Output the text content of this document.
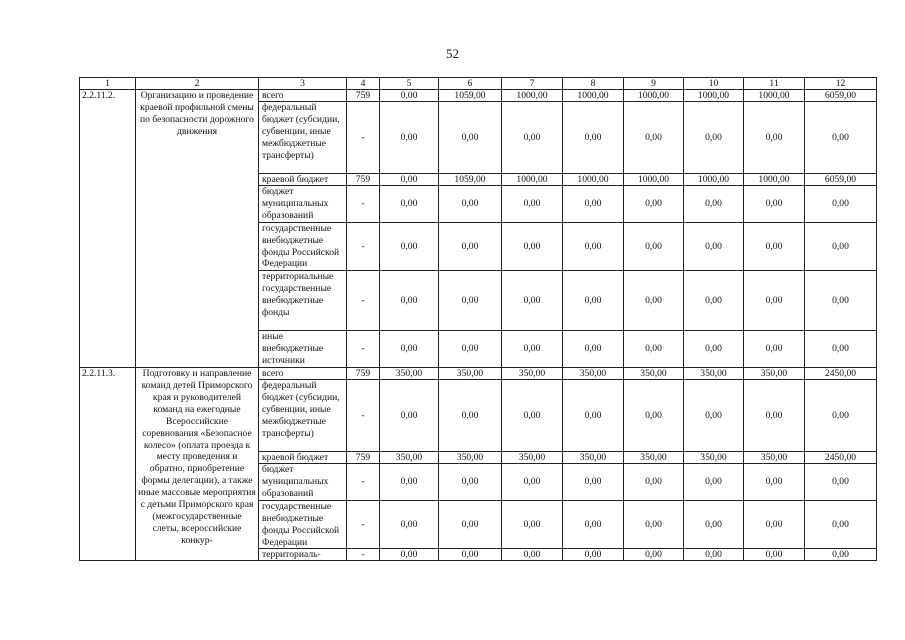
52
1	2	3	4	5	6	7	8	9	10	11	12
2.2.11.2.	Организацию и проведение краевой профильной смены по безопасности дорожного движения	всего	759	0,00	1059,00	1000,00	1000,00	1000,00	1000,00	1000,00	6059,00
		федеральный бюджет (субсидии, субвенции, иные межбюджетные трансферты)	-	0,00	0,00	0,00	0,00	0,00	0,00	0,00	0,00
		краевой бюджет	759	0,00	1059,00	1000,00	1000,00	1000,00	1000,00	1000,00	6059,00
		бюджет муниципальных образований	-	0,00	0,00	0,00	0,00	0,00	0,00	0,00	0,00
		государственные внебюджетные фонды Российской Федерации	-	0,00	0,00	0,00	0,00	0,00	0,00	0,00	0,00
		территориальные государственные внебюджетные фонды	-	0,00	0,00	0,00	0,00	0,00	0,00	0,00	0,00
		иные внебюджетные источники	-	0,00	0,00	0,00	0,00	0,00	0,00	0,00	0,00
2.2.11.3.	Подготовку и направление команд детей Приморского края и руководителей команд на ежегодные Всероссийские соревнования «Безопасное колесо» (оплата проезда к месту проведения и обратно, приобретение формы делегации), а также иные массовые мероприятия с детьми Приморского края (межгосударственные слеты, всероссийские конкур-	всего	759	350,00	350,00	350,00	350,00	350,00	350,00	350,00	2450,00
		федеральный бюджет (субсидии, субвенции, иные межбюджетные трансферты)	-	0,00	0,00	0,00	0,00	0,00	0,00	0,00	0,00
		краевой бюджет	759	350,00	350,00	350,00	350,00	350,00	350,00	350,00	2450,00
		бюджет муниципальных образований	-	0,00	0,00	0,00	0,00	0,00	0,00	0,00	0,00
		государственные внебюджетные фонды Российской Федерации	-	0,00	0,00	0,00	0,00	0,00	0,00	0,00	0,00
		территориаль-	-	0,00	0,00	0,00	0,00	0,00	0,00	0,00	0,00
